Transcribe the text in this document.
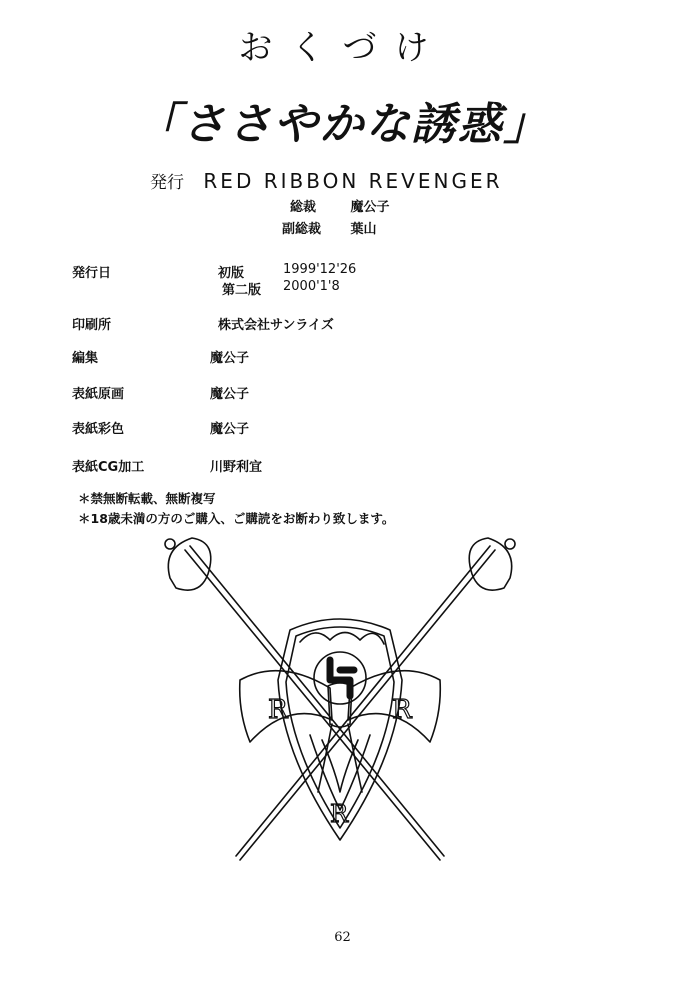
おくづけ
「ささやかな誘惑」
発行 RED RIBBON REVENGER
総裁	魔公子
副総裁 葉山
発行日	初版	1999'12'26
第二版 2000'1'8
印刷所	株式会社サンライズ
編集	魔公子
表紙原画	魔公子
表紙彩色	魔公子
表紙CG加工	川野利宜
＊禁無断転載、無断複写
＊18歳未満の方のご購入、ご購読をお断わり致します。
R	R
R
62
